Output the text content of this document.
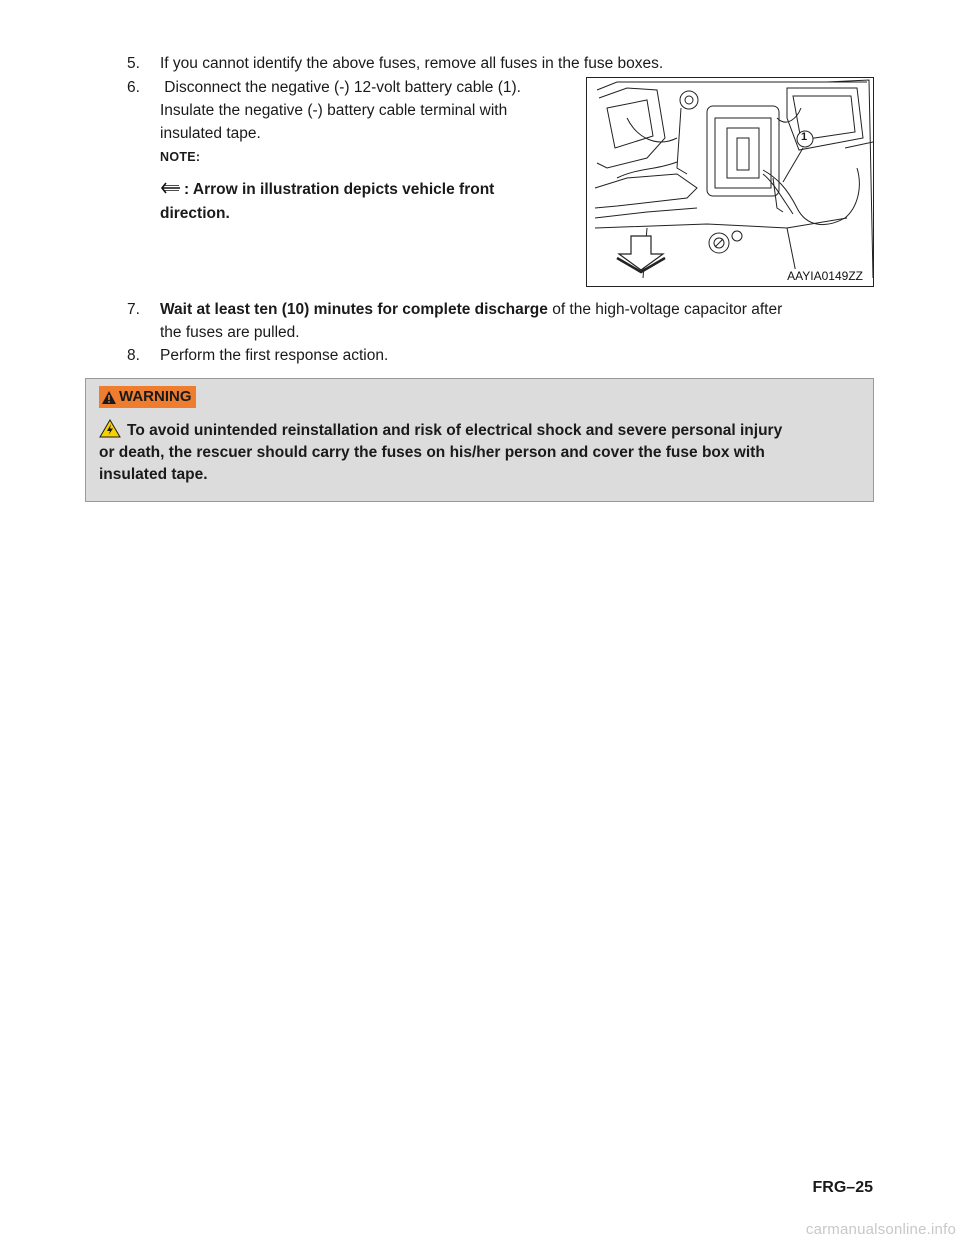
5. If you cannot identify the above fuses, remove all fuses in the fuse boxes.
6. Disconnect the negative (-) 12-volt battery cable (1).
Insulate the negative (-) battery cable terminal with
insulated tape.
NOTE:
: Arrow in illustration depicts vehicle front
direction.
1
AAYIA0149ZZ
7. Wait at least ten (10) minutes for complete discharge of the high-voltage capacitor after
the fuses are pulled.
8. Perform the first response action.
WARNING
To avoid unintended reinstallation and risk of electrical shock and severe personal injury
or death, the rescuer should carry the fuses on his/her person and cover the fuse box with
insulated tape.
FRG–25
carmanualsonline.info
